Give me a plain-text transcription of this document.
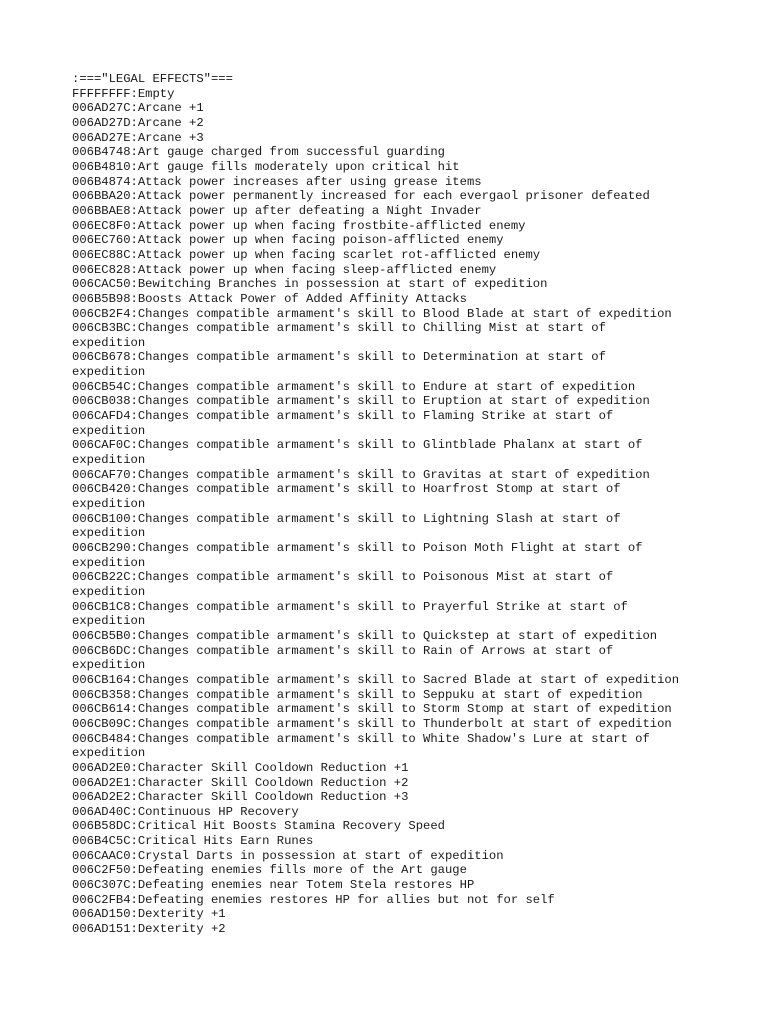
:==="LEGAL EFFECTS"===
FFFFFFFF:Empty
006AD27C:Arcane +1
006AD27D:Arcane +2
006AD27E:Arcane +3
006B4748:Art gauge charged from successful guarding
006B4810:Art gauge fills moderately upon critical hit
006B4874:Attack power increases after using grease items
006BBA20:Attack power permanently increased for each evergaol prisoner defeated
006BBAE8:Attack power up after defeating a Night Invader
006EC8F0:Attack power up when facing frostbite-afflicted enemy
006EC760:Attack power up when facing poison-afflicted enemy
006EC88C:Attack power up when facing scarlet rot-afflicted enemy
006EC828:Attack power up when facing sleep-afflicted enemy
006CAC50:Bewitching Branches in possession at start of expedition
006B5B98:Boosts Attack Power of Added Affinity Attacks
006CB2F4:Changes compatible armament's skill to Blood Blade at start of expedition
006CB3BC:Changes compatible armament's skill to Chilling Mist at start of
expedition
006CB678:Changes compatible armament's skill to Determination at start of
expedition
006CB54C:Changes compatible armament's skill to Endure at start of expedition
006CB038:Changes compatible armament's skill to Eruption at start of expedition
006CAFD4:Changes compatible armament's skill to Flaming Strike at start of
expedition
006CAF0C:Changes compatible armament's skill to Glintblade Phalanx at start of
expedition
006CAF70:Changes compatible armament's skill to Gravitas at start of expedition
006CB420:Changes compatible armament's skill to Hoarfrost Stomp at start of
expedition
006CB100:Changes compatible armament's skill to Lightning Slash at start of
expedition
006CB290:Changes compatible armament's skill to Poison Moth Flight at start of
expedition
006CB22C:Changes compatible armament's skill to Poisonous Mist at start of
expedition
006CB1C8:Changes compatible armament's skill to Prayerful Strike at start of
expedition
006CB5B0:Changes compatible armament's skill to Quickstep at start of expedition
006CB6DC:Changes compatible armament's skill to Rain of Arrows at start of
expedition
006CB164:Changes compatible armament's skill to Sacred Blade at start of expedition
006CB358:Changes compatible armament's skill to Seppuku at start of expedition
006CB614:Changes compatible armament's skill to Storm Stomp at start of expedition
006CB09C:Changes compatible armament's skill to Thunderbolt at start of expedition
006CB484:Changes compatible armament's skill to White Shadow's Lure at start of
expedition
006AD2E0:Character Skill Cooldown Reduction +1
006AD2E1:Character Skill Cooldown Reduction +2
006AD2E2:Character Skill Cooldown Reduction +3
006AD40C:Continuous HP Recovery
006B58DC:Critical Hit Boosts Stamina Recovery Speed
006B4C5C:Critical Hits Earn Runes
006CAAC0:Crystal Darts in possession at start of expedition
006C2F50:Defeating enemies fills more of the Art gauge
006C307C:Defeating enemies near Totem Stela restores HP
006C2FB4:Defeating enemies restores HP for allies but not for self
006AD150:Dexterity +1
006AD151:Dexterity +2
